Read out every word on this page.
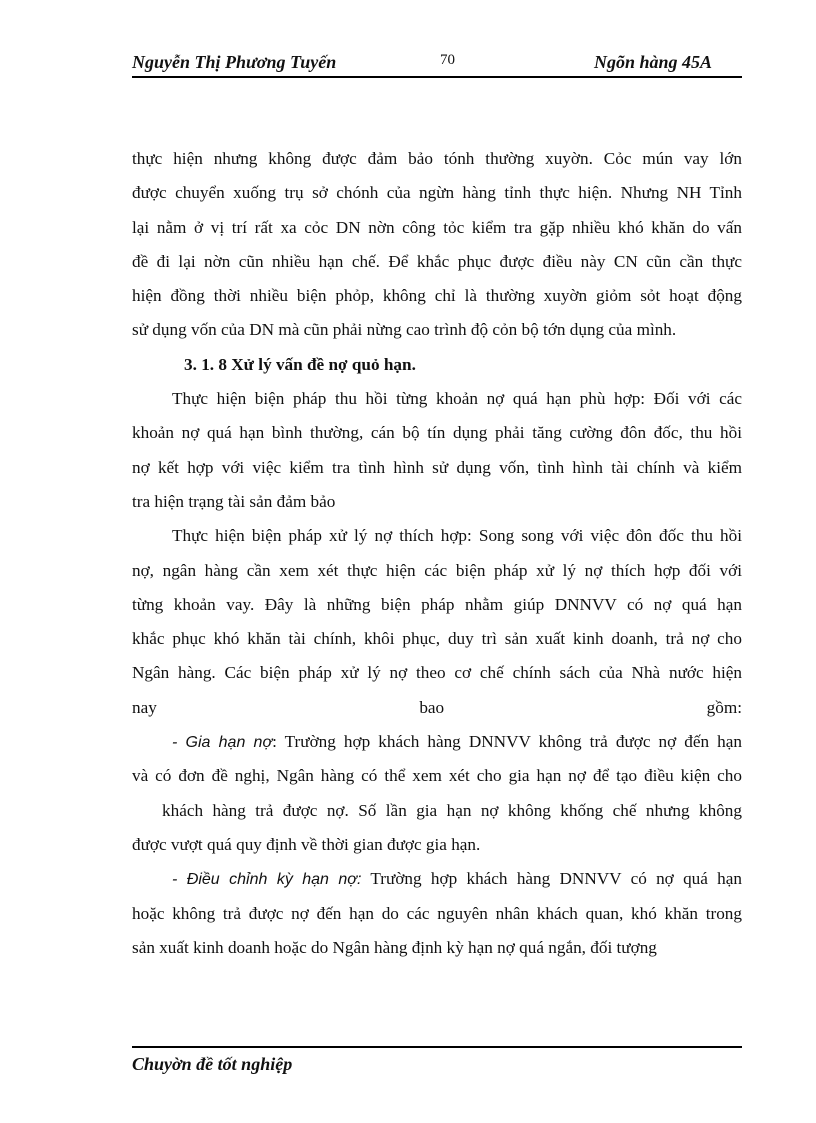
Nguyễn Thị Phương Tuyến	70	Ngõn hàng 45A
thực hiện nhưng không được đảm bảo tónh thường xuyờn. Cỏc mún vay lớn
được chuyển xuống trụ sở chónh của ngừn hàng tỉnh thực hiện. Nhưng NH Tỉnh
lại nằm ở vị trí rất xa cỏc DN nờn công tỏc kiểm tra gặp nhiều khó khăn do vấn
đề đi lại nờn cũn nhiều hạn chế. Để khắc phục được điều này CN cũn cần thực
hiện đồng thời nhiều biện phỏp, không chỉ là thường xuyờn giỏm sỏt hoạt động
sử dụng vốn của DN mà cũn phải nừng cao trình độ cỏn bộ tớn dụng của mình.
3. 1. 8 Xử lý vấn đề nợ quỏ hạn.
Thực hiện biện pháp thu hồi từng khoản nợ quá hạn phù hợp: Đối với các
khoản nợ quá hạn bình thường, cán bộ tín dụng phải tăng cường đôn đốc, thu hồi
nợ kết hợp với việc kiểm tra tình hình sử dụng vốn, tình hình tài chính và kiểm
tra hiện trạng tài sản đảm bảo
Thực hiện biện pháp xử lý nợ thích hợp: Song song với việc đôn đốc thu hồi
nợ, ngân hàng cần xem xét thực hiện các biện pháp xử lý nợ thích hợp đối với
từng khoản vay. Đây là những biện pháp nhằm giúp DNNVV có nợ quá hạn
khắc phục khó khăn tài chính, khôi phục, duy trì sản xuất kinh doanh, trả nợ cho
Ngân hàng. Các biện pháp xử lý nợ theo cơ chế chính sách của Nhà nước hiện
nay	bao	gồm:
- Gia hạn nợ: Trường hợp khách hàng DNNVV không trả được nợ đến hạn
và có đơn đề nghị, Ngân hàng có thể xem xét cho gia hạn nợ để tạo điều kiện cho
khách hàng trả được nợ. Số lần gia hạn nợ không khống chế nhưng không
được vượt quá quy định về thời gian được gia hạn.
- Điều chỉnh kỳ hạn nợ: Trường hợp khách hàng DNNVV có nợ quá hạn
hoặc không trả được nợ đến hạn do các nguyên nhân khách quan, khó khăn trong
sản xuất kinh doanh hoặc do Ngân hàng định kỳ hạn nợ quá ngắn, đối tượng
Chuyờn đề tốt nghiệp
